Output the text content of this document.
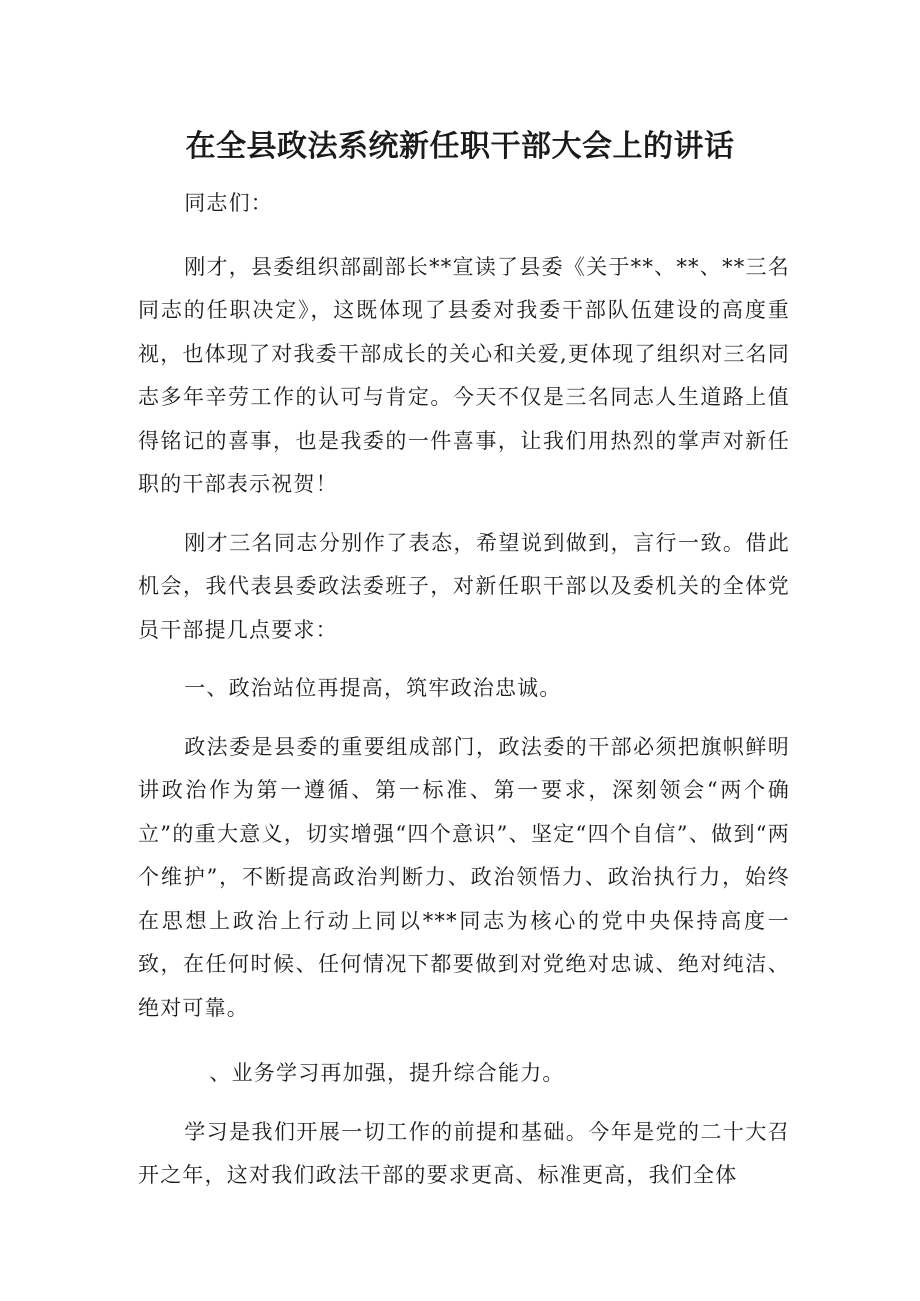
在全县政法系统新任职干部大会上的讲话

同志们：

刚才，县委组织部副部长**宣读了县委《关于**、**、**三名同志的任职决定》，这既体现了县委对我委干部队伍建设的高度重视，也体现了对我委干部成长的关心和关爱,更体现了组织对三名同志多年辛劳工作的认可与肯定。今天不仅是三名同志人生道路上值得铭记的喜事，也是我委的一件喜事，让我们用热烈的掌声对新任职的干部表示祝贺！

刚才三名同志分别作了表态，希望说到做到，言行一致。借此机会，我代表县委政法委班子，对新任职干部以及委机关的全体党员干部提几点要求：

一、政治站位再提高，筑牢政治忠诚。

政法委是县委的重要组成部门，政法委的干部必须把旗帜鲜明讲政治作为第一遵循、第一标准、第一要求，深刻领会“两个确立”的重大意义，切实增强“四个意识”、坚定“四个自信”、做到“两个维护”，不断提高政治判断力、政治领悟力、政治执行力，始终在思想上政治上行动上同以***同志为核心的党中央保持高度一致，在任何时候、任何情况下都要做到对党绝对忠诚、绝对纯洁、绝对可靠。

、业务学习再加强，提升综合能力。

学习是我们开展一切工作的前提和基础。今年是党的二十大召开之年，这对我们政法干部的要求更高、标准更高，我们全体
